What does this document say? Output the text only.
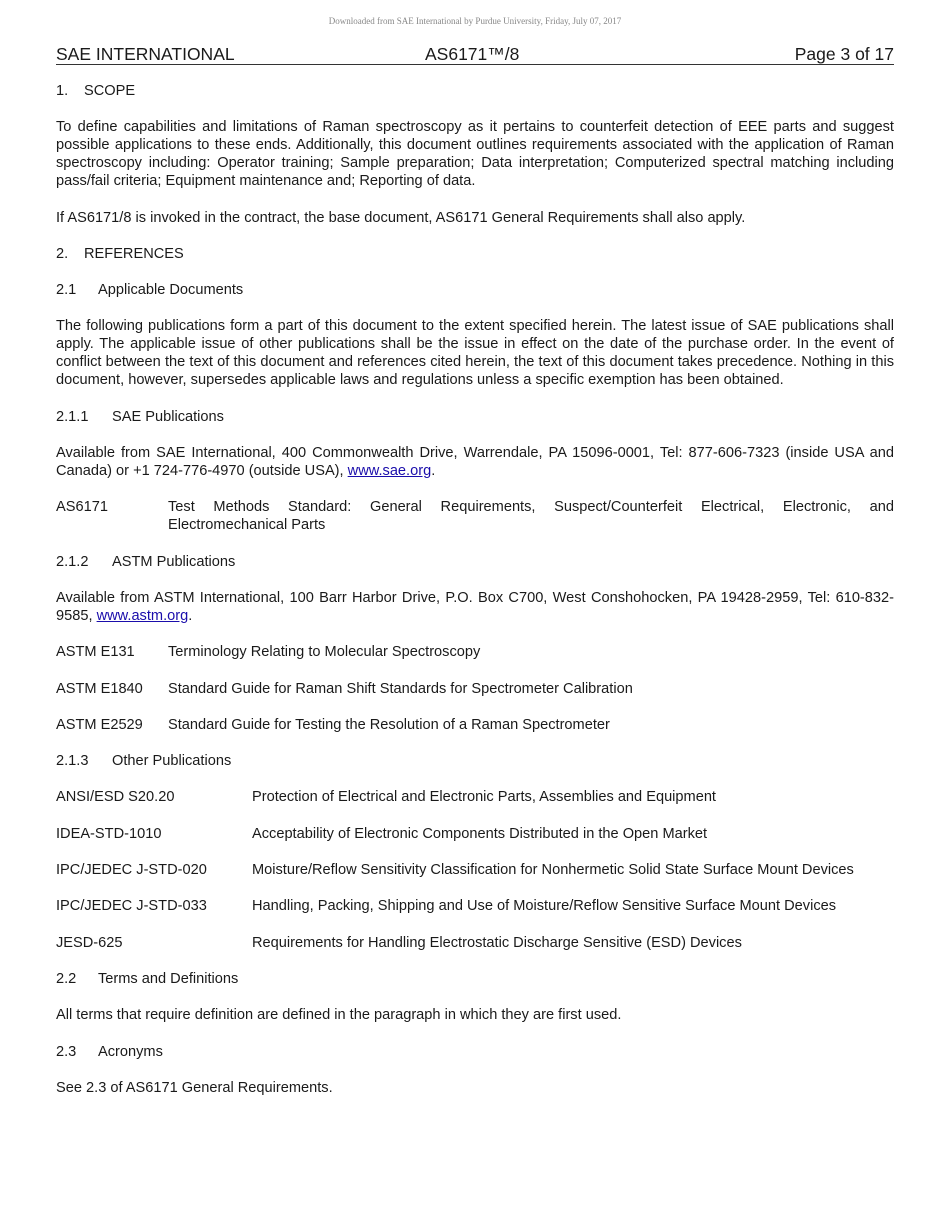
Downloaded from SAE International by Purdue University, Friday, July 07, 2017
SAE INTERNATIONAL	AS6171™/8	Page 3 of 17
1. SCOPE

To define capabilities and limitations of Raman spectroscopy as it pertains to counterfeit detection of EEE parts and suggest possible applications to these ends. Additionally, this document outlines requirements associated with the application of Raman spectroscopy including: Operator training; Sample preparation; Data interpretation; Computerized spectral matching including pass/fail criteria; Equipment maintenance and; Reporting of data.

If AS6171/8 is invoked in the contract, the base document, AS6171 General Requirements shall also apply.

2. REFERENCES
2.1 Applicable Documents

The following publications form a part of this document to the extent specified herein. The latest issue of SAE publications shall apply. The applicable issue of other publications shall be the issue in effect on the date of the purchase order. In the event of conflict between the text of this document and references cited herein, the text of this document takes precedence. Nothing in this document, however, supersedes applicable laws and regulations unless a specific exemption has been obtained.

2.1.1 SAE Publications

Available from SAE International, 400 Commonwealth Drive, Warrendale, PA 15096-0001, Tel: 877-606-7323 (inside USA and Canada) or +1 724-776-4970 (outside USA), www.sae.org.

AS6171	Test Methods Standard: General Requirements, Suspect/Counterfeit Electrical, Electronic, and Electromechanical Parts
2.1.2 ASTM Publications

Available from ASTM International, 100 Barr Harbor Drive, P.O. Box C700, West Conshohocken, PA 19428-2959, Tel: 610-832-9585, www.astm.org.

ASTM E131	Terminology Relating to Molecular Spectroscopy
ASTM E1840	Standard Guide for Raman Shift Standards for Spectrometer Calibration
ASTM E2529	Standard Guide for Testing the Resolution of a Raman Spectrometer
2.1.3 Other Publications
ANSI/ESD S20.20	Protection of Electrical and Electronic Parts, Assemblies and Equipment
IDEA-STD-1010	Acceptability of Electronic Components Distributed in the Open Market
IPC/JEDEC J-STD-020	Moisture/Reflow Sensitivity Classification for Nonhermetic Solid State Surface Mount Devices
IPC/JEDEC J-STD-033	Handling, Packing, Shipping and Use of Moisture/Reflow Sensitive Surface Mount Devices
JESD-625	Requirements for Handling Electrostatic Discharge Sensitive (ESD) Devices
2.2 Terms and Definitions

All terms that require definition are defined in the paragraph in which they are first used.

2.3 Acronyms

See 2.3 of AS6171 General Requirements.
